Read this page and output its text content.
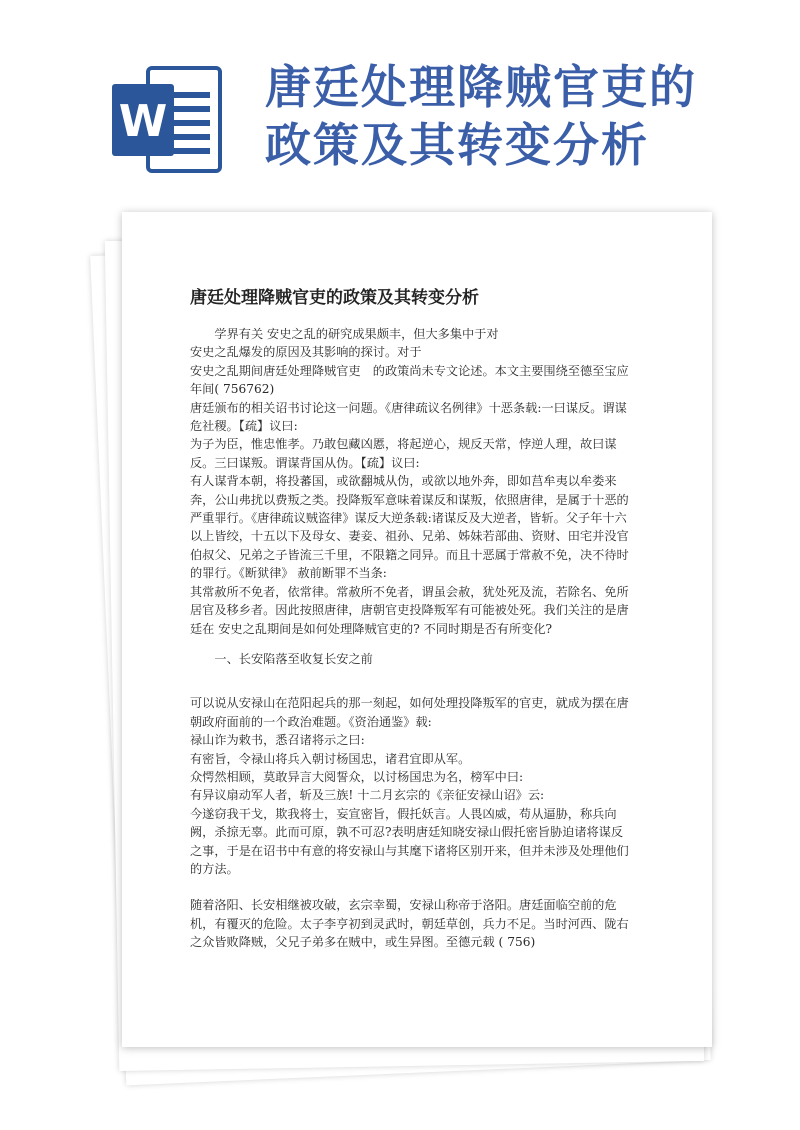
W
唐廷处理降贼官吏的政策及其转变分析
唐廷处理降贼官吏的政策及其转变分析

学界有关 安史之乱的研究成果颇丰，但大多集中于对

安史之乱爆发的原因及其影响的探讨。对于

安史之乱期间唐廷处理降贼官吏　的政策尚未专文论述。本文主要围绕至德至宝应年间( 756762)

唐廷颁布的相关诏书讨论这一问题。《唐律疏议名例律》十恶条载:一曰谋反。谓谋危社稷。【疏】议曰:

为子为臣，惟忠惟孝。乃敢包藏凶慝，将起逆心，规反天常，悖逆人理，故曰谋反。三曰谋叛。谓谋背国从伪。【疏】议曰:

有人谋背本朝，将投蕃国，或欲翻城从伪，或欲以地外奔，即如莒牟夷以牟娄来奔，公山弗扰以费叛之类。投降叛军意味着谋反和谋叛，依照唐律，是属于十恶的严重罪行。《唐律疏议贼盗律》谋反大逆条载:诸谋反及大逆者，皆斩。父子年十六以上皆绞，十五以下及母女、妻妾、祖孙、兄弟、姊妹若部曲、资财、田宅并没官伯叔父、兄弟之子皆流三千里，不限籍之同异。而且十恶属于常赦不免，决不待时的罪行。《断狱律》 赦前断罪不当条:

其常赦所不免者，依常律。常赦所不免者，谓虽会赦，犹处死及流，若除名、免所居官及移乡者。因此按照唐律，唐朝官吏投降叛军有可能被处死。我们关注的是唐廷在 安史之乱期间是如何处理降贼官吏的? 不同时期是否有所变化?

一、长安陷落至收复长安之前

可以说从安禄山在范阳起兵的那一刻起，如何处理投降叛军的官吏，就成为摆在唐朝政府面前的一个政治难题。《资治通鉴》载:

禄山诈为敕书，悉召诸将示之曰:

有密旨，令禄山将兵入朝讨杨国忠，诸君宜即从军。

众愕然相顾，莫敢异言大阅誓众，以讨杨国忠为名，榜军中曰:

有异议扇动军人者，斩及三族! 十二月玄宗的《亲征安禄山诏》云:

今遂窃我干戈，欺我将士，妄宣密旨，假托妖言。人畏凶威，苟从逼胁，称兵向阙，杀掠无辜。此而可原，孰不可忍?表明唐廷知晓安禄山假托密旨胁迫诸将谋反之事，于是在诏书中有意的将安禄山与其麾下诸将区别开来，但并未涉及处理他们的方法。

随着洛阳、长安相继被攻破，玄宗幸蜀，安禄山称帝于洛阳。唐廷面临空前的危机，有覆灭的危险。太子李亨初到灵武时，朝廷草创，兵力不足。当时河西、陇右之众皆败降贼，父兄子弟多在贼中，或生异图。至德元载 ( 756)
